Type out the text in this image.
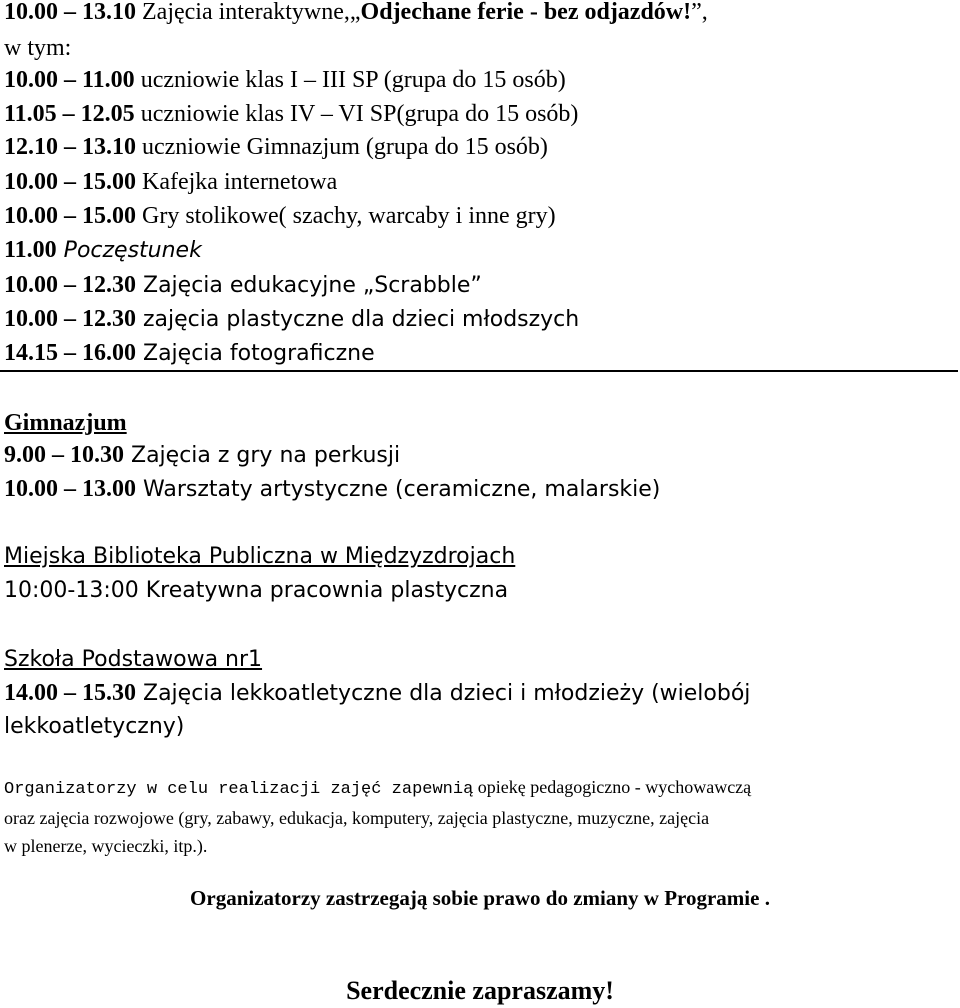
10.00 – 13.10 Zajęcia interaktywne,„Odjechane ferie - bez odjazdów!”,
w tym:
10.00 – 11.00 uczniowie klas I – III SP (grupa do 15 osób)
11.05 – 12.05 uczniowie klas IV – VI SP(grupa do 15 osób)
12.10 – 13.10 uczniowie Gimnazjum (grupa do 15 osób)
10.00 – 15.00 Kafejka internetowa
10.00 – 15.00 Gry stolikowe( szachy, warcaby i inne gry)
11.00 Poczęstunek
10.00 – 12.30 Zajęcia edukacyjne „Scrabble”
10.00 – 12.30 zajęcia plastyczne dla dzieci młodszych
14.15 – 16.00 Zajęcia fotograficzne
Gimnazjum
9.00 – 10.30 Zajęcia z gry na perkusji
10.00 – 13.00 Warsztaty artystyczne (ceramiczne, malarskie)
Miejska Biblioteka Publiczna w Międzyzdrojach
10:00-13:00 Kreatywna pracownia plastyczna
Szkoła Podstawowa nr1
14.00 – 15.30 Zajęcia lekkoatletyczne dla dzieci i młodzieży (wielobój
lekkoatletyczny)
Organizatorzy w celu realizacji zajęć zapewnią opiekę pedagogiczno - wychowawczą
oraz zajęcia rozwojowe (gry, zabawy, edukacja, komputery, zajęcia plastyczne, muzyczne, zajęcia
w plenerze, wycieczki, itp.).
Organizatorzy zastrzegają sobie prawo do zmiany w Programie .
Serdecznie zapraszamy!
